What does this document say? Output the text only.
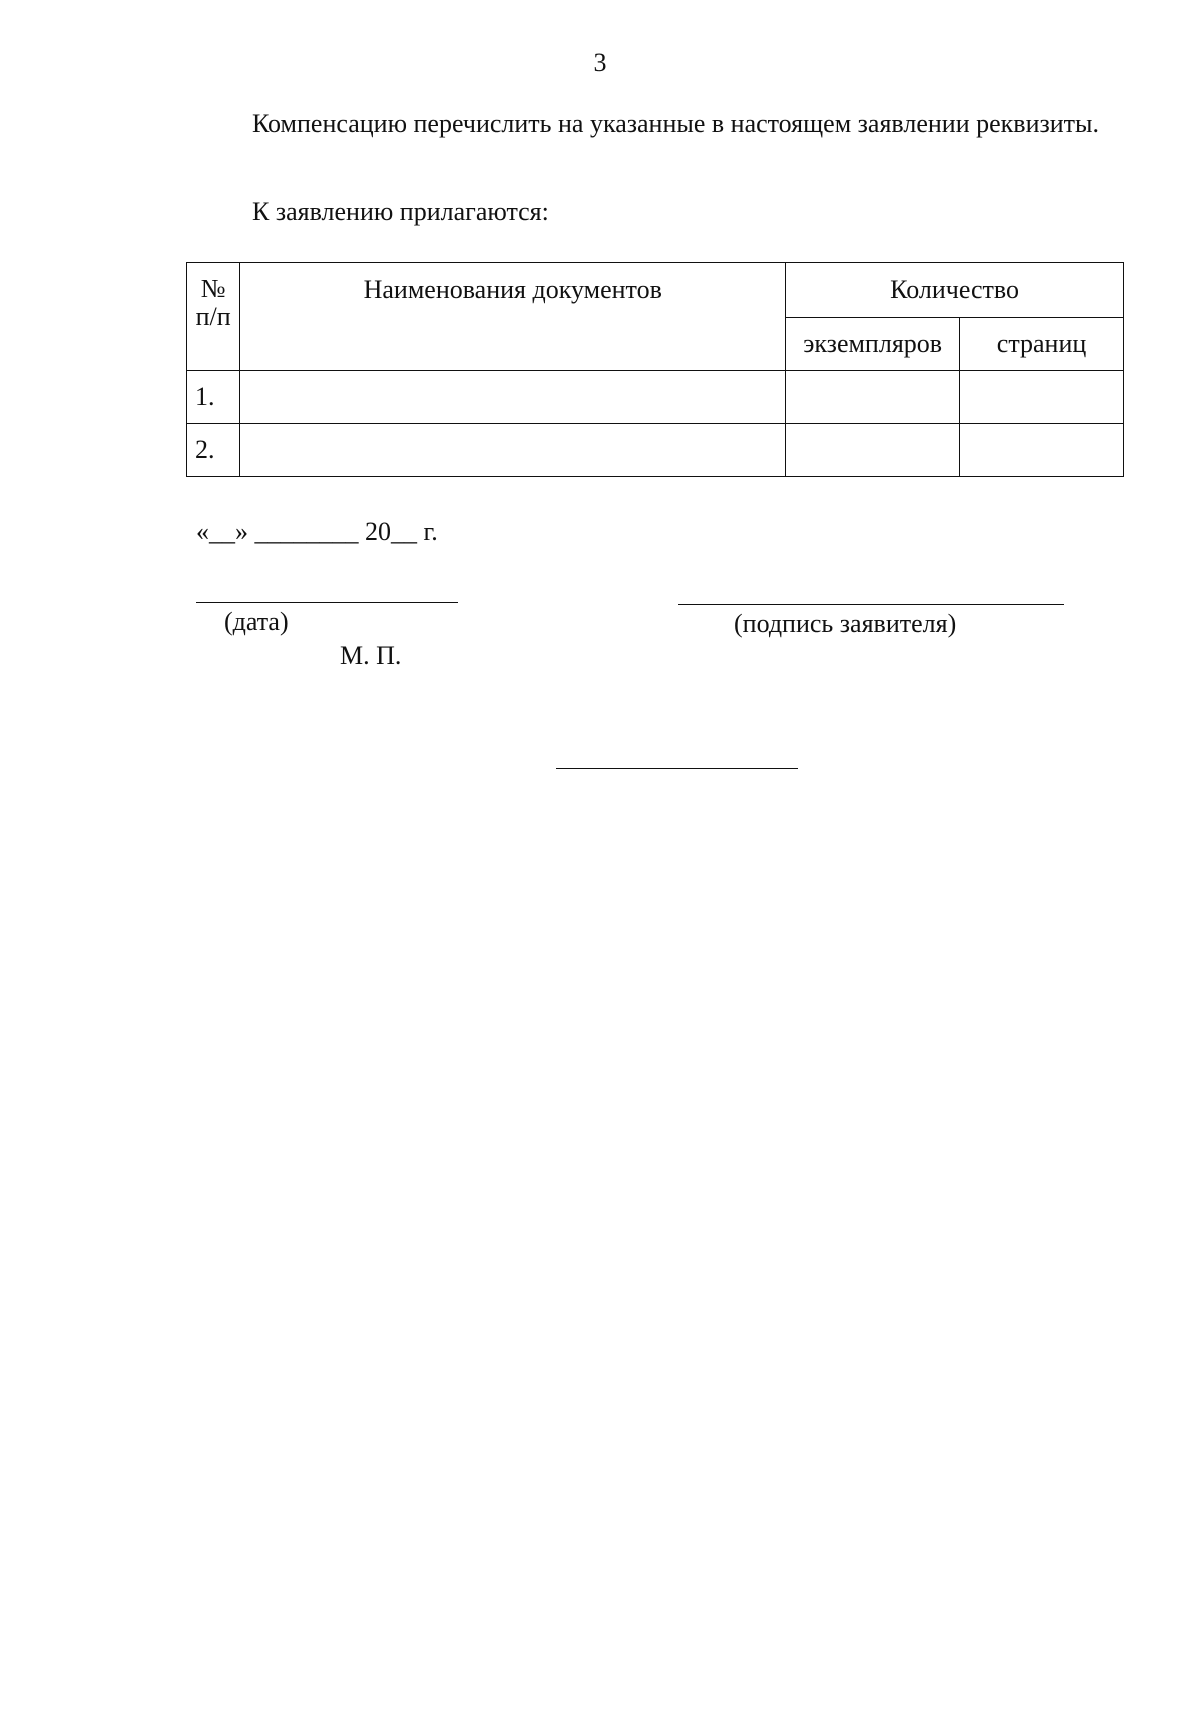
3

Компенсацию перечислить на указанные в настоящем заявлении реквизиты.

К заявлению прилагаются:

№ п/п	Наименования документов	Количество	
		экземпляров	страниц
1.			
2.			
«__» ________ 20__ г.
(дата)	(подпись заявителя)
М. П.
